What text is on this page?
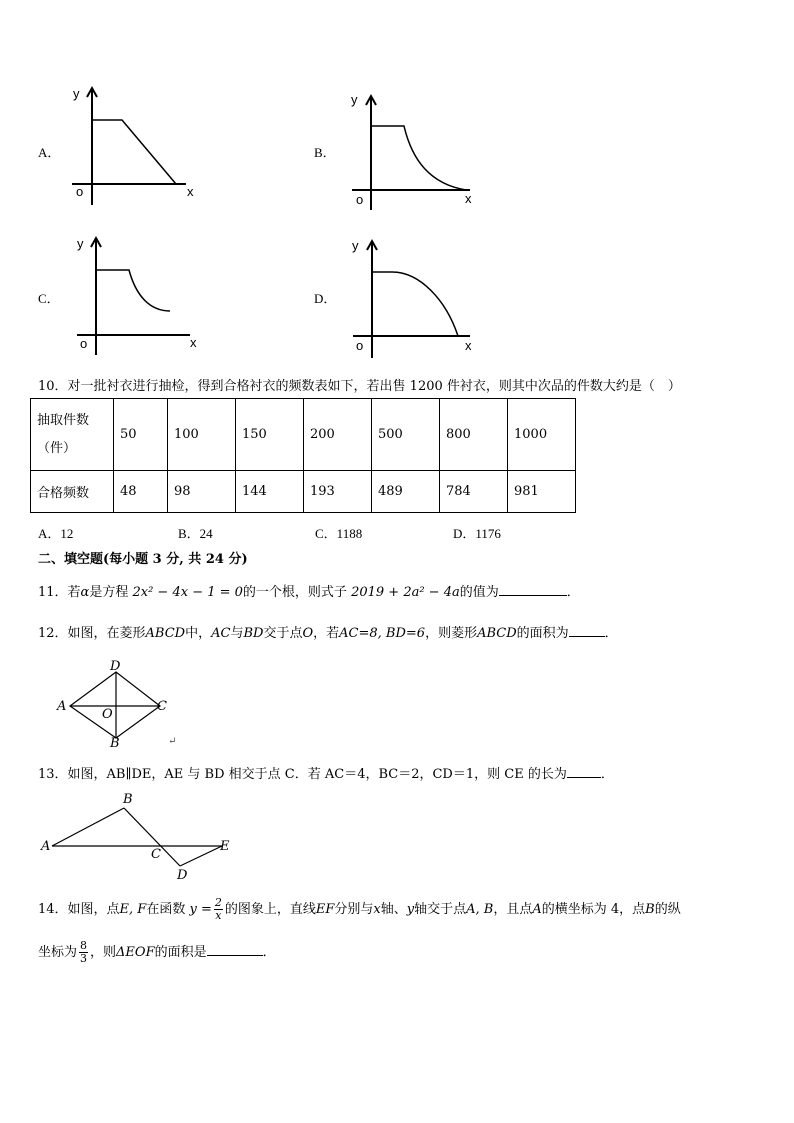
A．
y
o	x
B．
y
o	x
C．
y
o	x
D．
y
o	x
10．对一批衬衣进行抽检，得到合格衬衣的频数表如下，若出售 1200 件衬衣，则其中次品的件数大约是（　）
抽取件数
（件）	50	100	150	200	500	800	1000
合格频数	48	98	144	193	489	784	981
A．12	B．24	C．1188	D．1176
二、填空题(每小题 3 分, 共 24 分)
11．若α是方程 2x² − 4x − 1 = 0的一个根，则式子 2019 + 2a² − 4a的值为	．
12．如图，在菱形ABCD中，AC与BD交于点O，若AC=8, BD=6，则菱形ABCD的面积为	．
D
A
O
C
B	↵
13．如图，AB∥DE，AE 与 BD 相交于点 C．若 AC＝4，BC＝2，CD＝1，则 CE 的长为	．
A
B
C
D
E
14．如图，点E, F在函数 $y = \frac{2}{x}$ 的图象上，直线EF分别与x轴、y轴交于点A, B，且点A的横坐标为 4，点B的纵
坐标为 $\frac{8}{3}$ ，则ΔEOF的面积是	．
